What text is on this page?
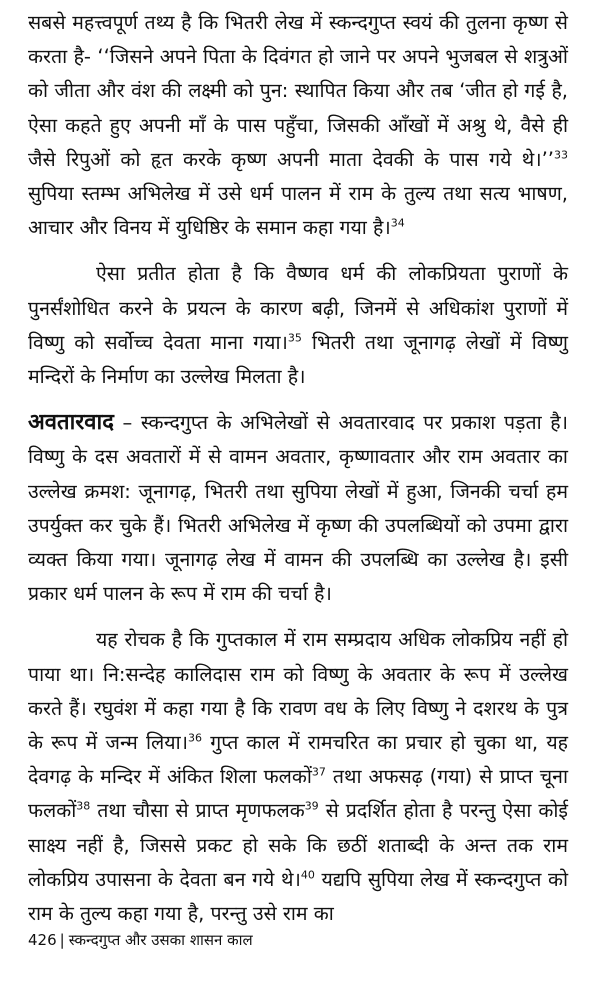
सबसे महत्त्वपूर्ण तथ्य है कि भितरी लेख में स्कन्दगुप्त स्वयं की तुलना कृष्ण से करता है- ‘‘जिसने अपने पिता के दिवंगत हो जाने पर अपने भुजबल से शत्रुओं को जीता और वंश की लक्ष्मी को पुन: स्थापित किया और तब ‘जीत हो गई है, ऐसा कहते हुए अपनी माँ के पास पहुँचा, जिसकी आँखों में अश्रु थे, वैसे ही जैसे रिपुओं को हृत करके कृष्ण अपनी माता देवकी के पास गये थे।’’$^{33}$ सुपिया स्तम्भ अभिलेख में उसे धर्म पालन में राम के तुल्य तथा सत्य भाषण, आचार और विनय में युधिष्ठिर के समान कहा गया है।$^{34}$

ऐसा प्रतीत होता है कि वैष्णव धर्म की लोकप्रियता पुराणों के पुनर्संशोधित करने के प्रयत्न के कारण बढ़ी, जिनमें से अधिकांश पुराणों में विष्णु को सर्वोच्च देवता माना गया।$^{35}$ भितरी तथा जूनागढ़ लेखों में विष्णु मन्दिरों के निर्माण का उल्लेख मिलता है।

अवतारवाद – स्कन्दगुप्त के अभिलेखों से अवतारवाद पर प्रकाश पड़ता है। विष्णु के दस अवतारों में से वामन अवतार, कृष्णावतार और राम अवतार का उल्लेख क्रमश: जूनागढ़, भितरी तथा सुपिया लेखों में हुआ, जिनकी चर्चा हम उपर्युक्त कर चुके हैं। भितरी अभिलेख में कृष्ण की उपलब्धियों को उपमा द्वारा व्यक्त किया गया। जूनागढ़ लेख में वामन की उपलब्धि का उल्लेख है। इसी प्रकार धर्म पालन के रूप में राम की चर्चा है।

यह रोचक है कि गुप्तकाल में राम सम्प्रदाय अधिक लोकप्रिय नहीं हो पाया था। नि:सन्देह कालिदास राम को विष्णु के अवतार के रूप में उल्लेख करते हैं। रघुवंश में कहा गया है कि रावण वध के लिए विष्णु ने दशरथ के पुत्र के रूप में जन्म लिया।$^{36}$ गुप्त काल में रामचरित का प्रचार हो चुका था, यह देवगढ़ के मन्दिर में अंकित शिला फलकों$^{37}$ तथा अफसढ़ (गया) से प्राप्त चूना फलकों$^{38}$ तथा चौसा से प्राप्त मृणफलक$^{39}$ से प्रदर्शित होता है परन्तु ऐसा कोई साक्ष्य नहीं है, जिससे प्रकट हो सके कि छठीं शताब्दी के अन्त तक राम लोकप्रिय उपासना के देवता बन गये थे।$^{40}$ यद्यपि सुपिया लेख में स्कन्दगुप्त को राम के तुल्य कहा गया है, परन्तु उसे राम का

426 | स्कन्दगुप्त और उसका शासन काल
